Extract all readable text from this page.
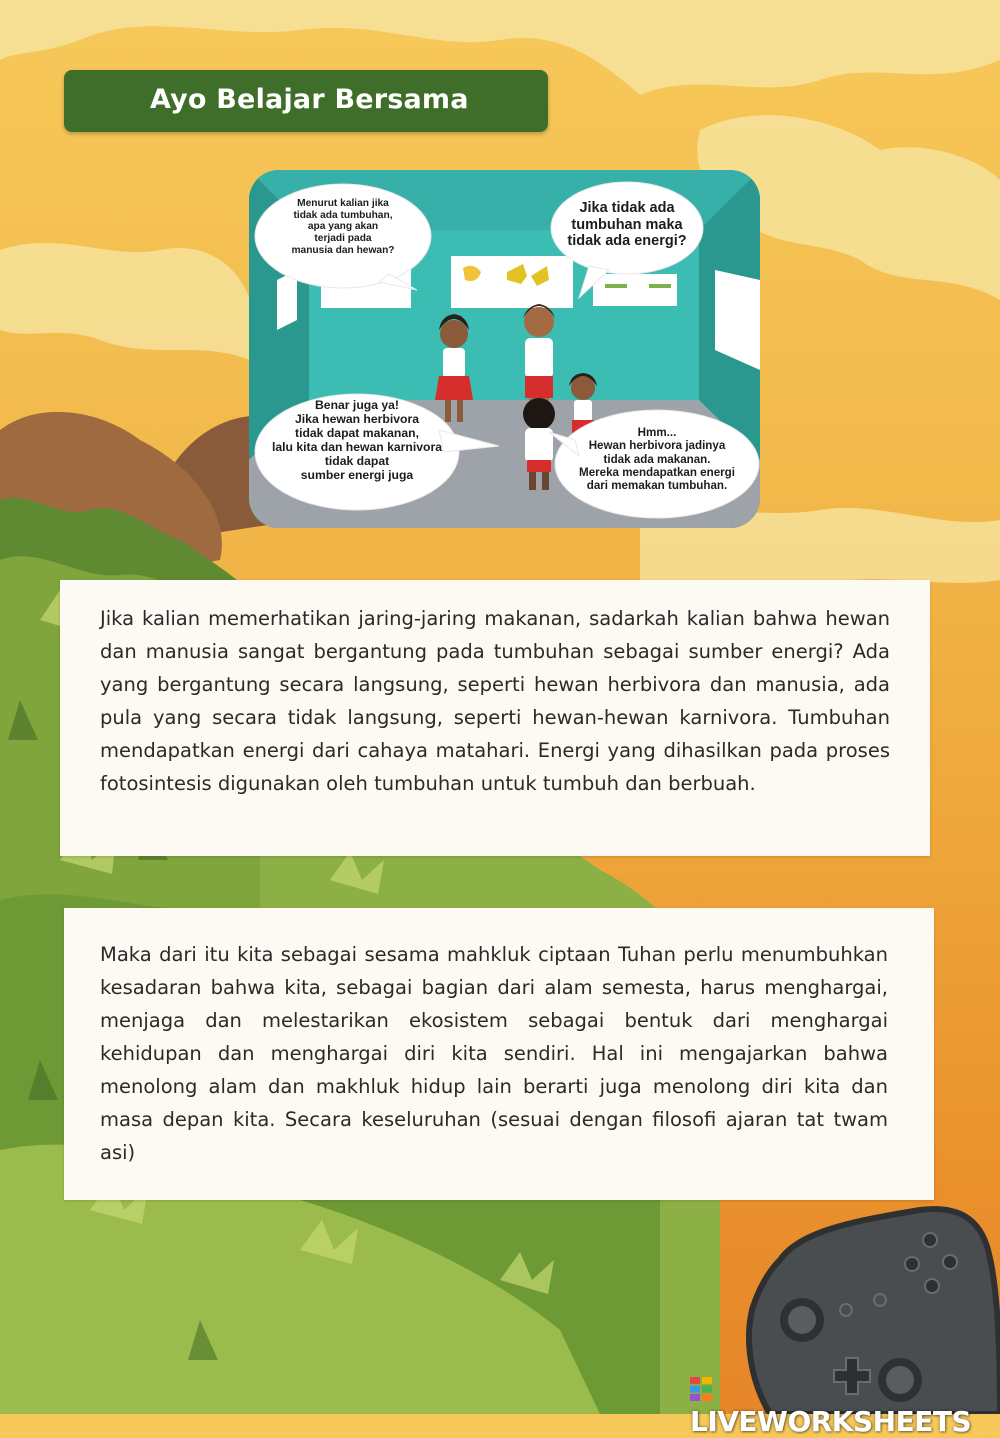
Ayo Belajar Bersama
Menurut kalian jika
tidak ada tumbuhan,
apa yang akan
terjadi pada
manusia dan hewan?
Jika tidak ada
tumbuhan maka
tidak ada energi?
Benar juga ya!
Jika hewan herbivora
tidak dapat makanan,
lalu kita dan hewan karnivora
tidak dapat
sumber energi juga
Hmm...
Hewan herbivora jadinya
tidak ada makanan.
Mereka mendapatkan energi
dari memakan tumbuhan.

Jika kalian memerhatikan jaring-jaring makanan, sadarkah kalian bahwa hewan dan manusia sangat bergantung pada tumbuhan sebagai sumber energi? Ada yang bergantung secara langsung, seperti hewan herbivora dan manusia, ada pula yang secara tidak langsung, seperti hewan-hewan karnivora. Tumbuhan mendapatkan energi dari cahaya matahari. Energi yang dihasilkan pada proses fotosintesis digunakan oleh tumbuhan untuk tumbuh dan berbuah.

Maka dari itu kita sebagai sesama mahkluk ciptaan Tuhan perlu menumbuhkan kesadaran bahwa kita, sebagai bagian dari alam semesta, harus menghargai, menjaga dan melestarikan ekosistem sebagai bentuk dari menghargai kehidupan dan menghargai diri kita sendiri. Hal ini mengajarkan bahwa menolong alam dan makhluk hidup lain berarti juga menolong diri kita dan masa depan kita. Secara keseluruhan (sesuai dengan filosofi ajaran tat twam asi)

LIVEWORKSHEETS
